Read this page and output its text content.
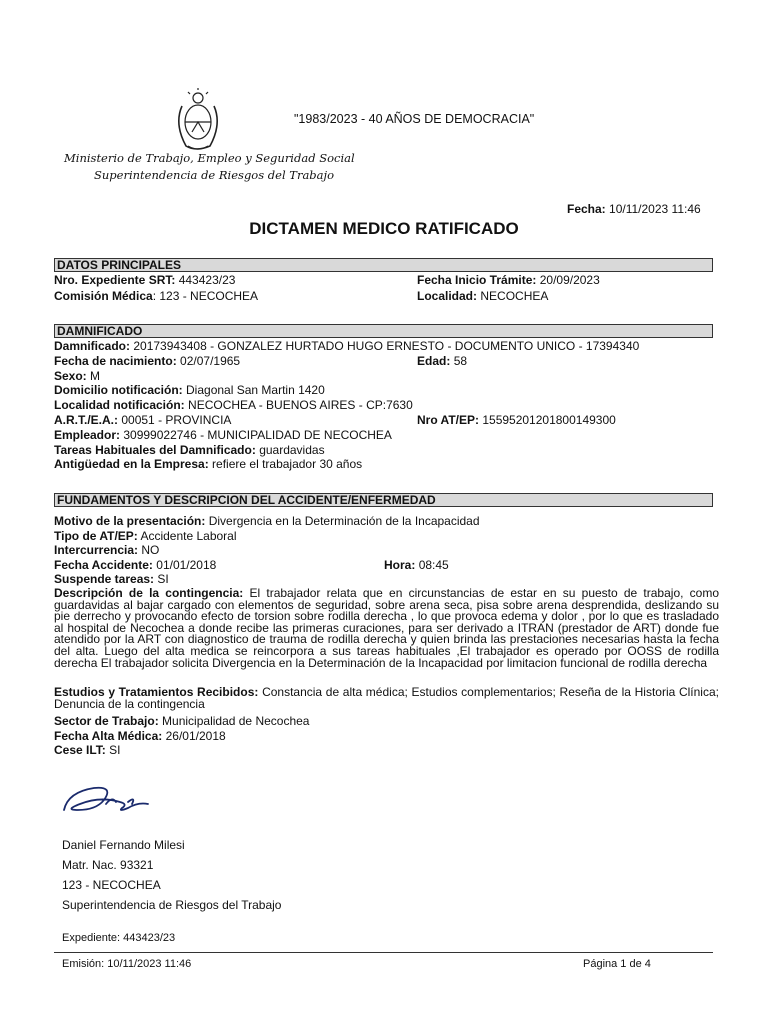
"1983/2023 - 40 AÑOS DE DEMOCRACIA"
Ministerio de Trabajo, Empleo y Seguridad Social
Superintendencia de Riesgos del Trabajo
Fecha: 10/11/2023 11:46
DICTAMEN MEDICO RATIFICADO
DATOS PRINCIPALES
Nro. Expediente SRT: 443423/23	Fecha Inicio Trámite: 20/09/2023
Comisión Médica: 123 - NECOCHEA	Localidad: NECOCHEA
DAMNIFICADO
Damnificado: 20173943408 - GONZALEZ HURTADO HUGO ERNESTO - DOCUMENTO UNICO - 17394340
Fecha de nacimiento: 02/07/1965	Edad: 58
Sexo: M
Domicilio notificación: Diagonal San Martin 1420
Localidad notificación: NECOCHEA - BUENOS AIRES - CP:7630
A.R.T./E.A.: 00051 - PROVINCIA	Nro AT/EP: 15595201201800149300
Empleador: 30999022746 - MUNICIPALIDAD DE NECOCHEA
Tareas Habituales del Damnificado: guardavidas
Antigüedad en la Empresa: refiere el trabajador 30 años
FUNDAMENTOS Y DESCRIPCION DEL ACCIDENTE/ENFERMEDAD
Motivo de la presentación: Divergencia en la Determinación de la Incapacidad
Tipo de AT/EP: Accidente Laboral
Intercurrencia: NO
Fecha Accidente: 01/01/2018	Hora: 08:45
Suspende tareas: SI
Descripción de la contingencia: El trabajador relata que en circunstancias de estar en su puesto de trabajo, como guardavidas al bajar cargado con elementos de seguridad, sobre arena seca, pisa sobre arena desprendida, deslizando su pie derrecho y provocando efecto de torsion sobre rodilla derecha , lo que provoca edema y dolor , por lo que es trasladado al hospital de Necochea a donde recibe las primeras curaciones, para ser derivado a ITRAN (prestador de ART) donde fue atendido por la ART con diagnostico de trauma de rodilla derecha y quien brinda las prestaciones necesarias hasta la fecha del alta. Luego del alta medica se reincorpora a sus tareas habituales ,El trabajador es operado por OOSS de rodilla derecha El trabajador solicita Divergencia en la Determinación de la Incapacidad por limitacion funcional de rodilla derecha
Estudios y Tratamientos Recibidos: Constancia de alta médica; Estudios complementarios; Reseña de la Historia Clínica; Denuncia de la contingencia
Sector de Trabajo: Municipalidad de Necochea
Fecha Alta Médica: 26/01/2018
Cese ILT: SI
Daniel Fernando Milesi
Matr. Nac. 93321
123 - NECOCHEA
Superintendencia de Riesgos del Trabajo
Expediente: 443423/23
Emisión: 10/11/2023 11:46	Página 1 de 4
